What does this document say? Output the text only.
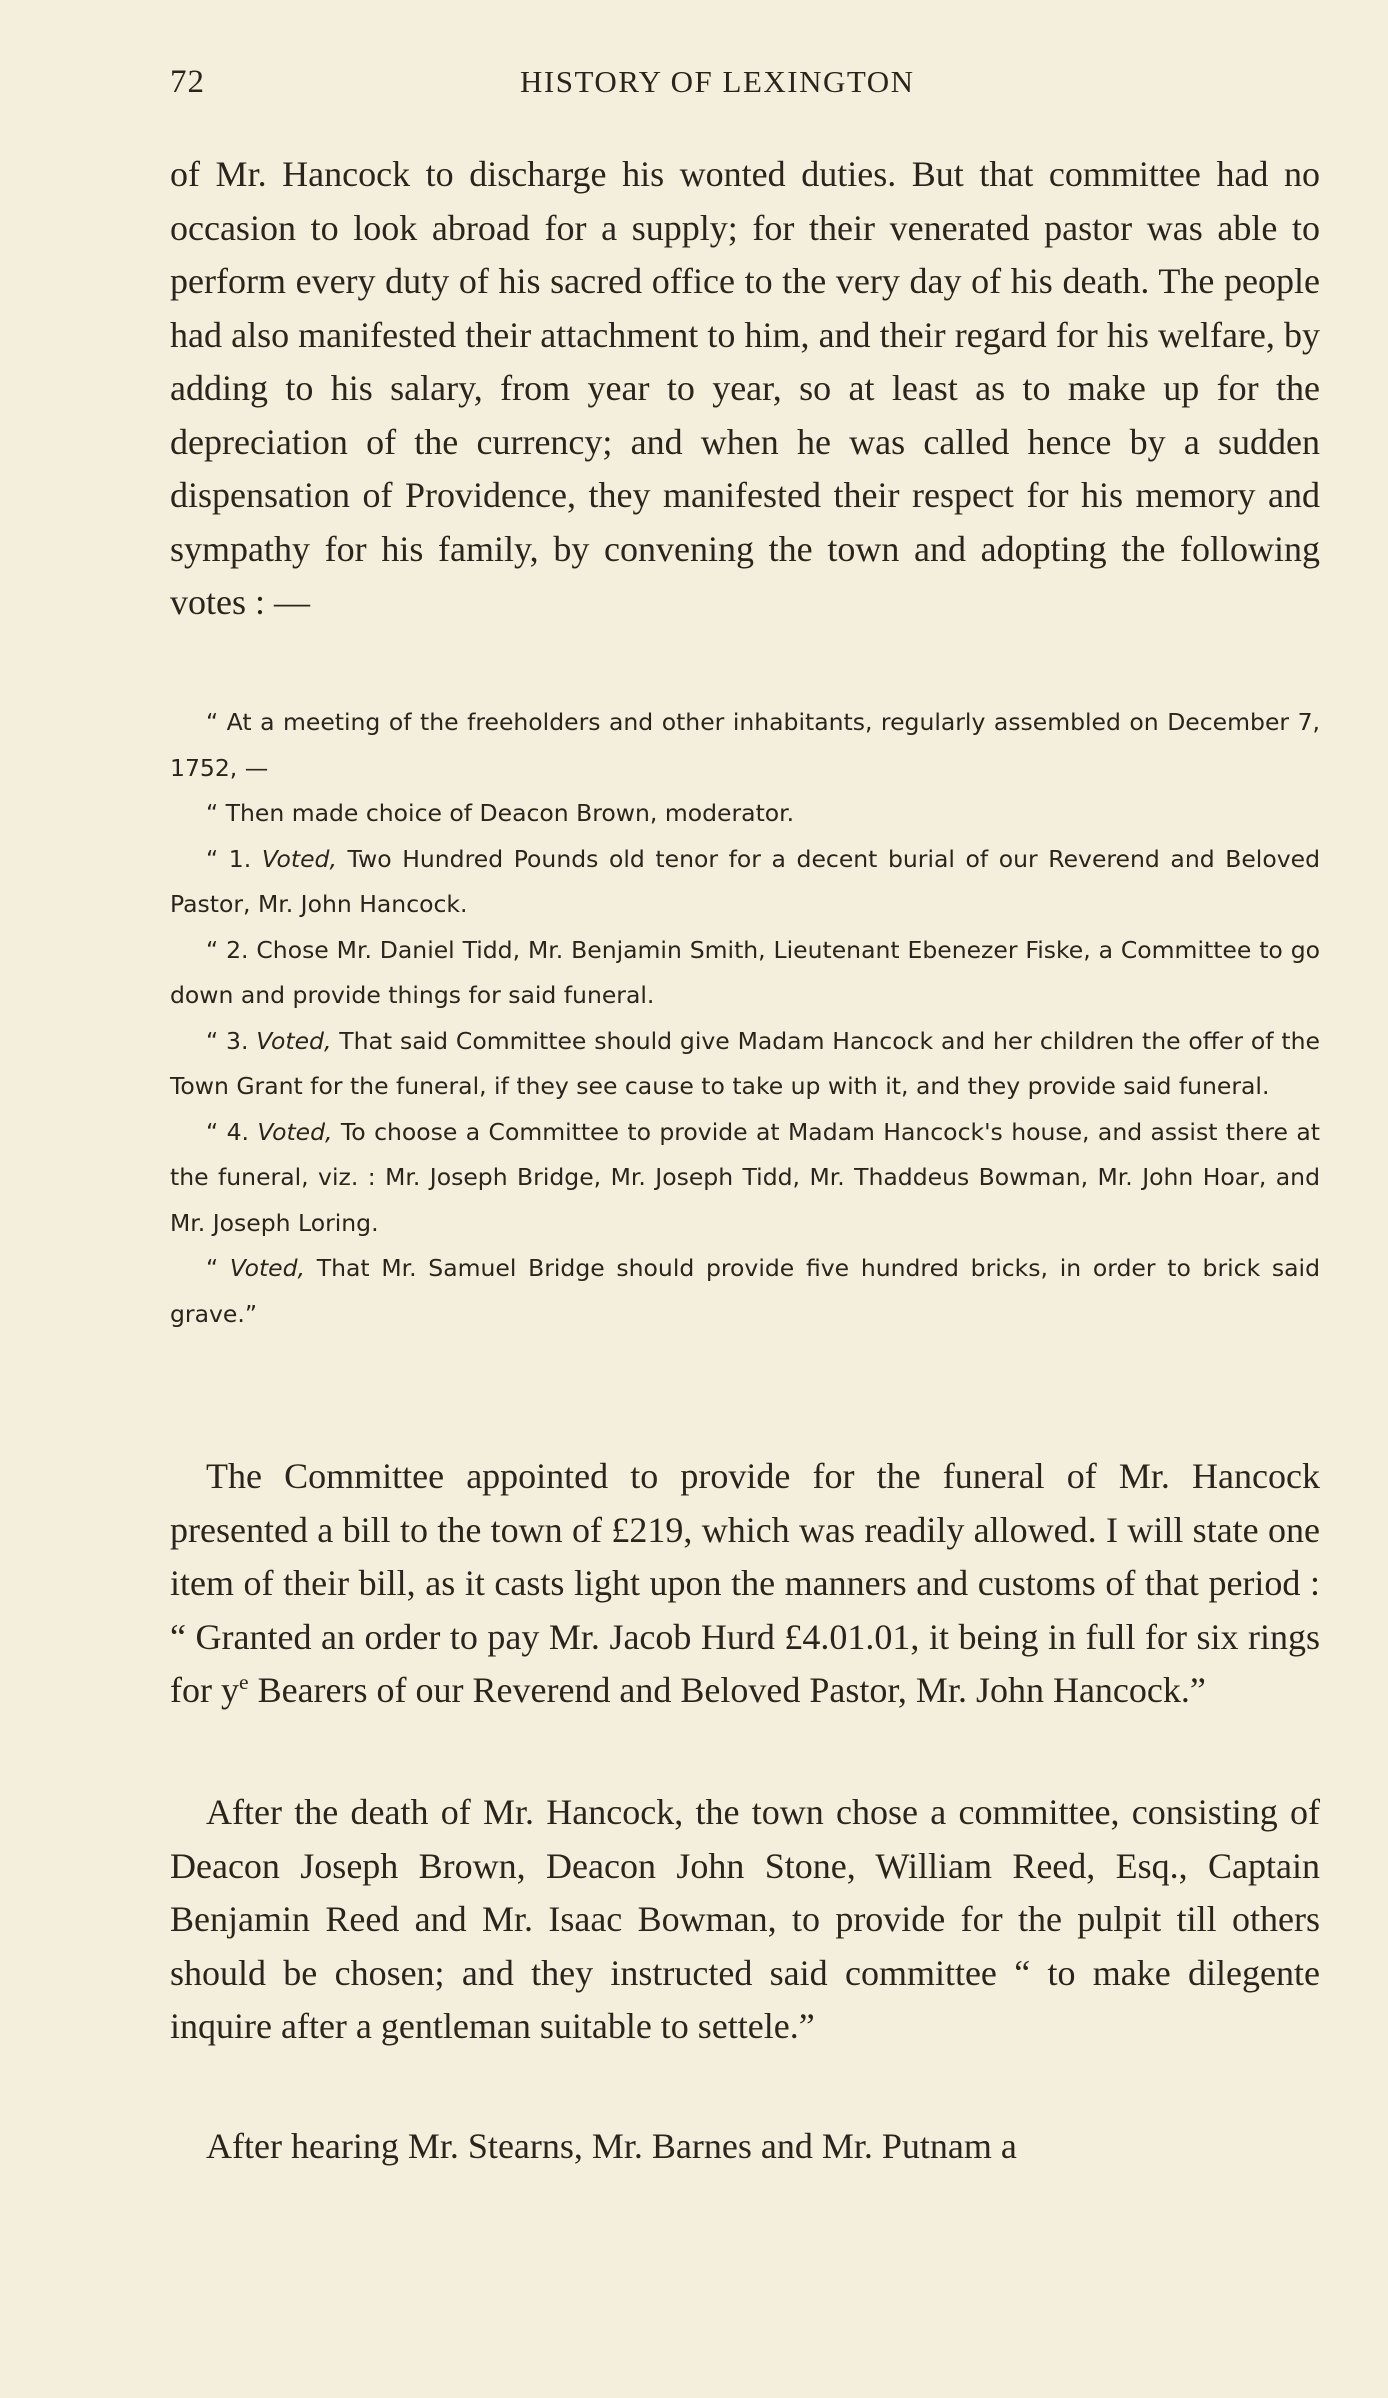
72	HISTORY OF LEXINGTON

of Mr. Hancock to discharge his wonted duties. But that committee had no occasion to look abroad for a supply; for their venerated pastor was able to perform every duty of his sacred office to the very day of his death. The people had also manifested their attachment to him, and their regard for his welfare, by adding to his salary, from year to year, so at least as to make up for the depreciation of the currency; and when he was called hence by a sudden dispensation of Providence, they manifested their respect for his memory and sympathy for his family, by convening the town and adopting the following votes : —

“ At a meeting of the freeholders and other inhabitants, regularly assembled on December 7, 1752, —

“ Then made choice of Deacon Brown, moderator.

“ 1. Voted, Two Hundred Pounds old tenor for a decent burial of our Reverend and Beloved Pastor, Mr. John Hancock.

“ 2. Chose Mr. Daniel Tidd, Mr. Benjamin Smith, Lieutenant Ebenezer Fiske, a Committee to go down and provide things for said funeral.

“ 3. Voted, That said Committee should give Madam Hancock and her children the offer of the Town Grant for the funeral, if they see cause to take up with it, and they provide said funeral.

“ 4. Voted, To choose a Committee to provide at Madam Hancock's house, and assist there at the funeral, viz. : Mr. Joseph Bridge, Mr. Joseph Tidd, Mr. Thaddeus Bowman, Mr. John Hoar, and Mr. Joseph Loring.

“ Voted, That Mr. Samuel Bridge should provide five hundred bricks, in order to brick said grave.”

The Committee appointed to provide for the funeral of Mr. Hancock presented a bill to the town of £219, which was readily allowed. I will state one item of their bill, as it casts light upon the manners and customs of that period : “ Granted an order to pay Mr. Jacob Hurd £4.01.01, it being in full for six rings for $y^e$ Bearers of our Reverend and Beloved Pastor, Mr. John Hancock.”

After the death of Mr. Hancock, the town chose a committee, consisting of Deacon Joseph Brown, Deacon John Stone, William Reed, Esq., Captain Benjamin Reed and Mr. Isaac Bowman, to provide for the pulpit till others should be chosen; and they instructed said committee “ to make dilegente inquire after a gentleman suitable to settele.”

After hearing Mr. Stearns, Mr. Barnes and Mr. Putnam a
